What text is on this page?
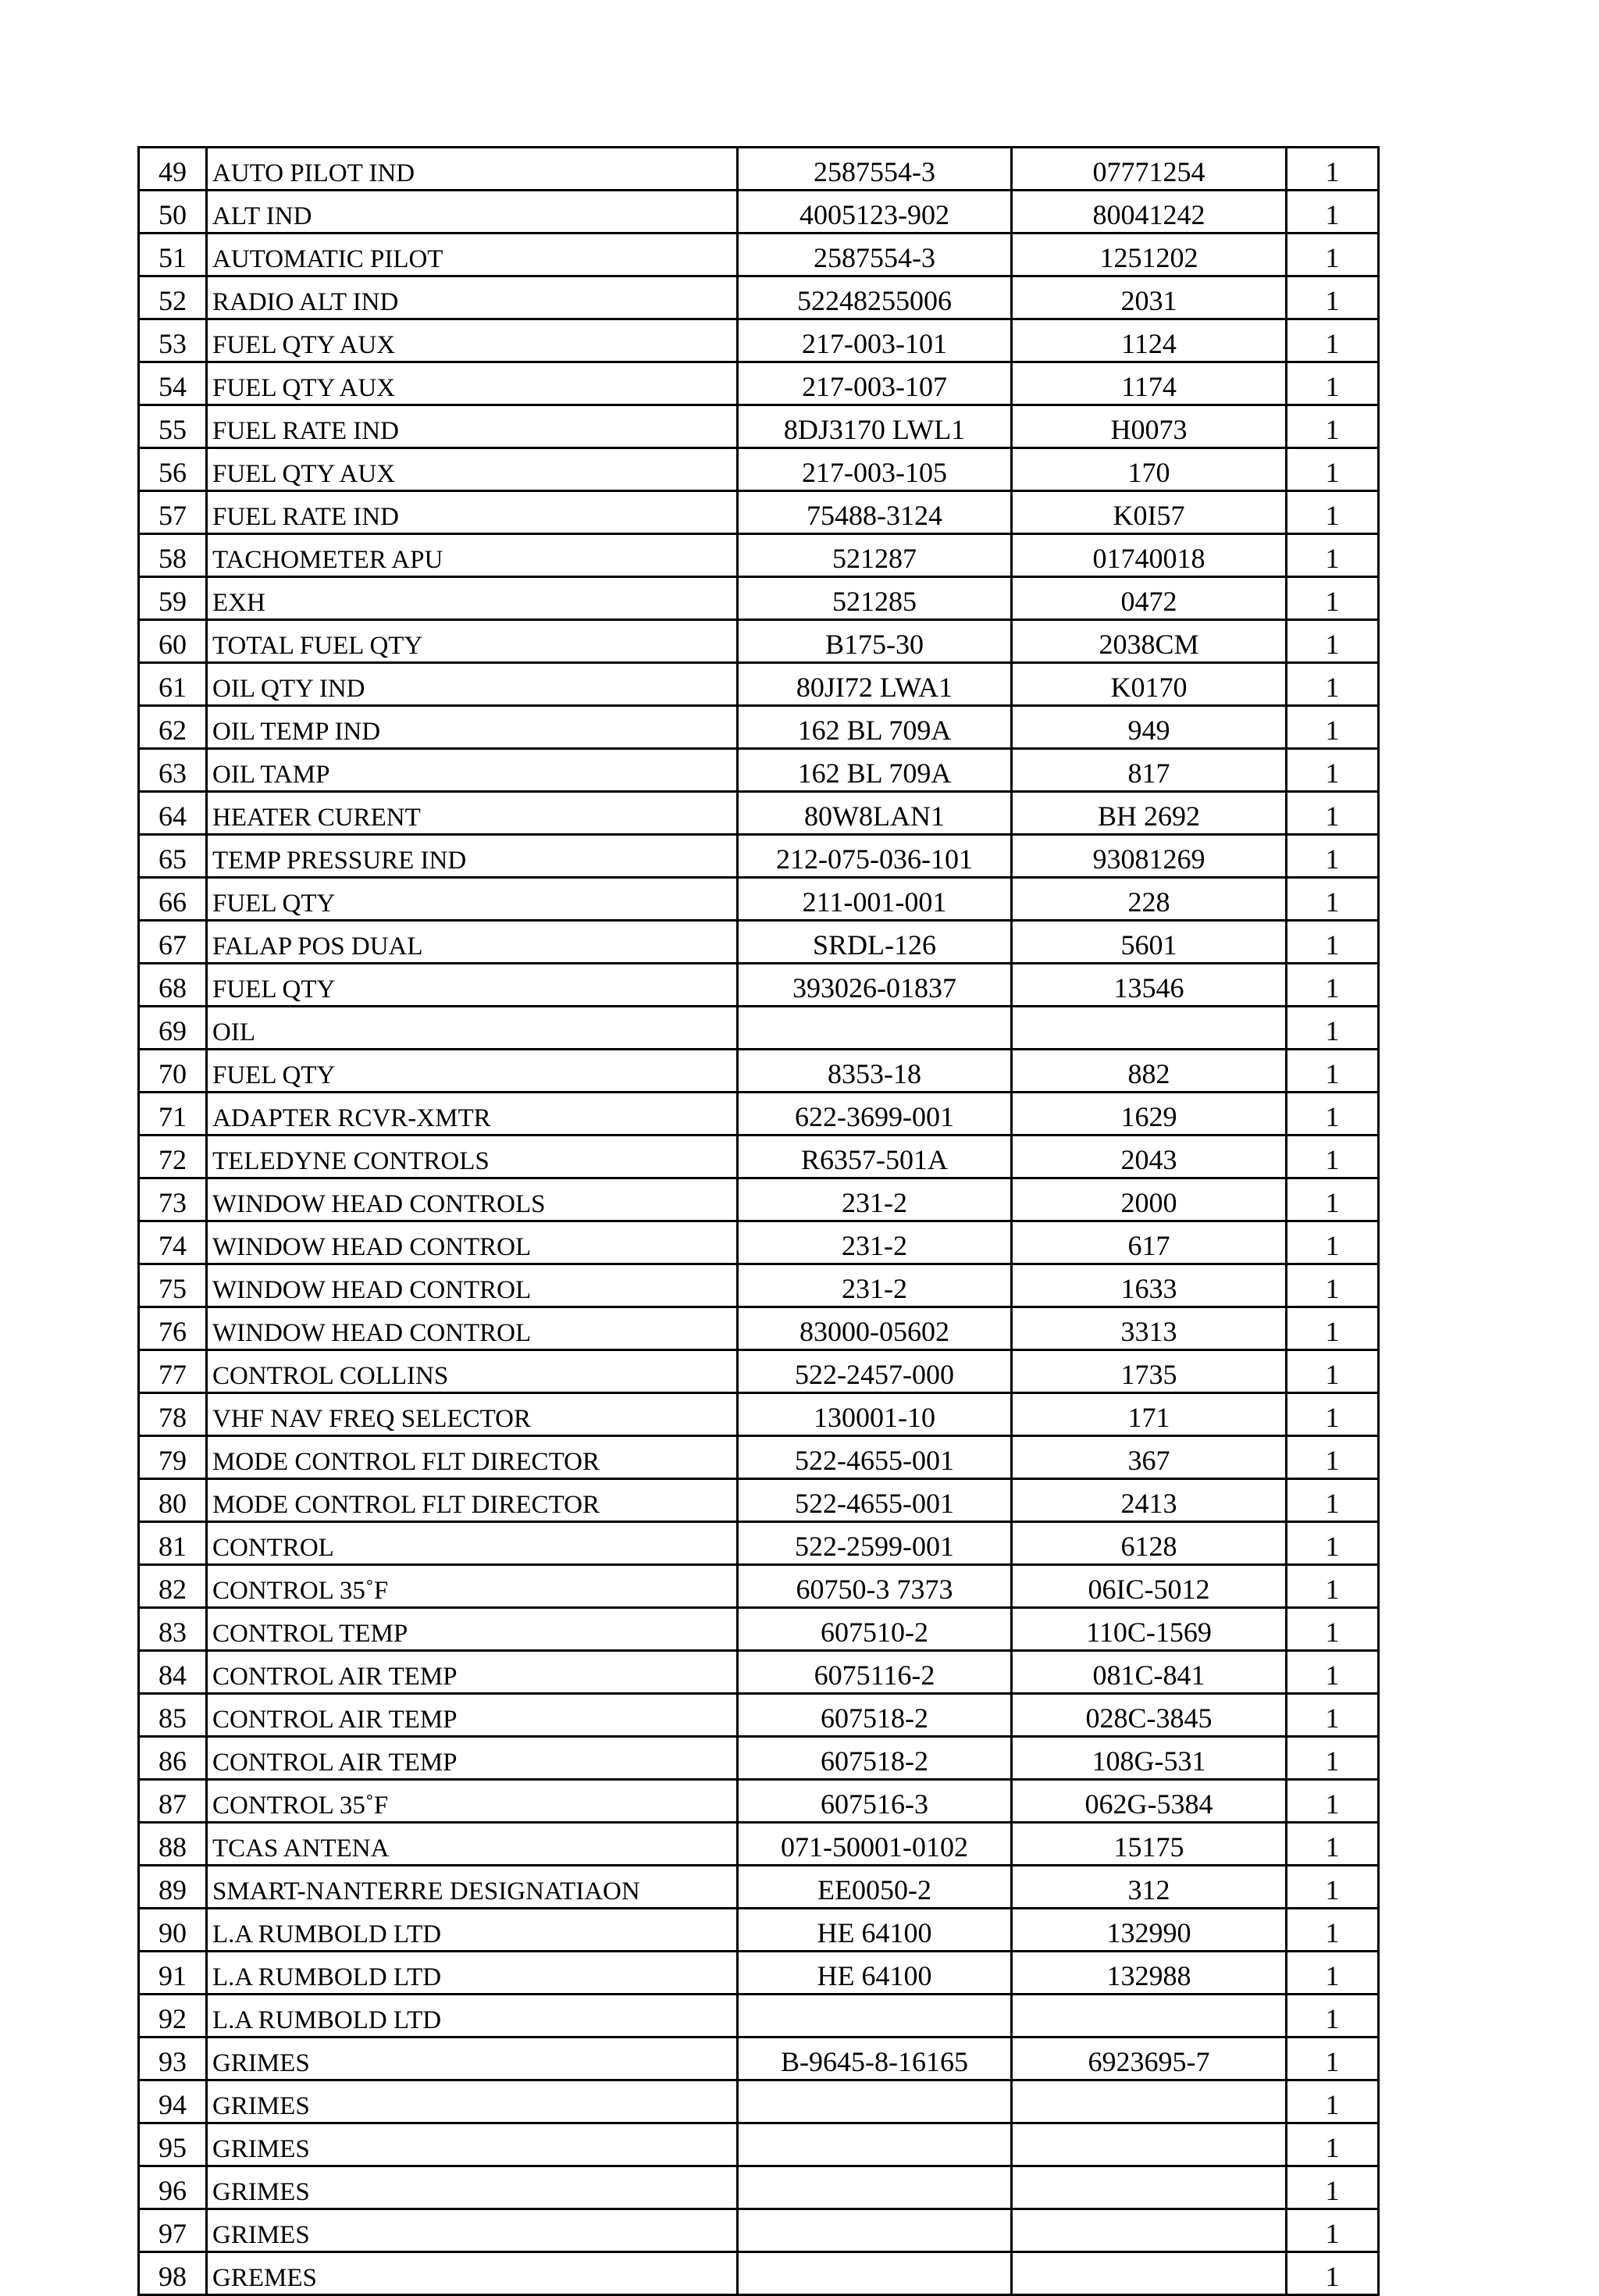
49	AUTO PILOT IND	2587554-3	07771254	1
50	ALT IND	4005123-902	80041242	1
51	AUTOMATIC PILOT	2587554-3	1251202	1
52	RADIO ALT IND	52248255006	2031	1
53	FUEL QTY AUX	217-003-101	1124	1
54	FUEL QTY AUX	217-003-107	1174	1
55	FUEL RATE IND	8DJ3170 LWL1	H0073	1
56	FUEL QTY AUX	217-003-105	170	1
57	FUEL RATE IND	75488-3124	K0I57	1
58	TACHOMETER APU	521287	01740018	1
59	EXH	521285	0472	1
60	TOTAL FUEL QTY	B175-30	2038CM	1
61	OIL QTY IND	80JI72 LWA1	K0170	1
62	OIL TEMP IND	162 BL 709A	949	1
63	OIL TAMP	162 BL 709A	817	1
64	HEATER CURENT	80W8LAN1	BH 2692	1
65	TEMP PRESSURE IND	212-075-036-101	93081269	1
66	FUEL QTY	211-001-001	228	1
67	FALAP POS DUAL	SRDL-126	5601	1
68	FUEL QTY	393026-01837	13546	1
69	OIL			1
70	FUEL QTY	8353-18	882	1
71	ADAPTER RCVR-XMTR	622-3699-001	1629	1
72	TELEDYNE CONTROLS	R6357-501A	2043	1
73	WINDOW HEAD CONTROLS	231-2	2000	1
74	WINDOW HEAD CONTROL	231-2	617	1
75	WINDOW HEAD CONTROL	231-2	1633	1
76	WINDOW HEAD CONTROL	83000-05602	3313	1
77	CONTROL COLLINS	522-2457-000	1735	1
78	VHF NAV FREQ SELECTOR	130001-10	171	1
79	MODE CONTROL FLT DIRECTOR	522-4655-001	367	1
80	MODE CONTROL FLT DIRECTOR	522-4655-001	2413	1
81	CONTROL	522-2599-001	6128	1
82	CONTROL 35˚F	60750-3 7373	06IC-5012	1
83	CONTROL TEMP	607510-2	110C-1569	1
84	CONTROL AIR TEMP	6075116-2	081C-841	1
85	CONTROL AIR TEMP	607518-2	028C-3845	1
86	CONTROL AIR TEMP	607518-2	108G-531	1
87	CONTROL 35˚F	607516-3	062G-5384	1
88	TCAS ANTENA	071-50001-0102	15175	1
89	SMART-NANTERRE DESIGNATIAON	EE0050-2	312	1
90	L.A RUMBOLD LTD	HE 64100	132990	1
91	L.A RUMBOLD LTD	HE 64100	132988	1
92	L.A RUMBOLD LTD			1
93	GRIMES	B-9645-8-16165	6923695-7	1
94	GRIMES			1
95	GRIMES			1
96	GRIMES			1
97	GRIMES			1
98	GREMES			1
